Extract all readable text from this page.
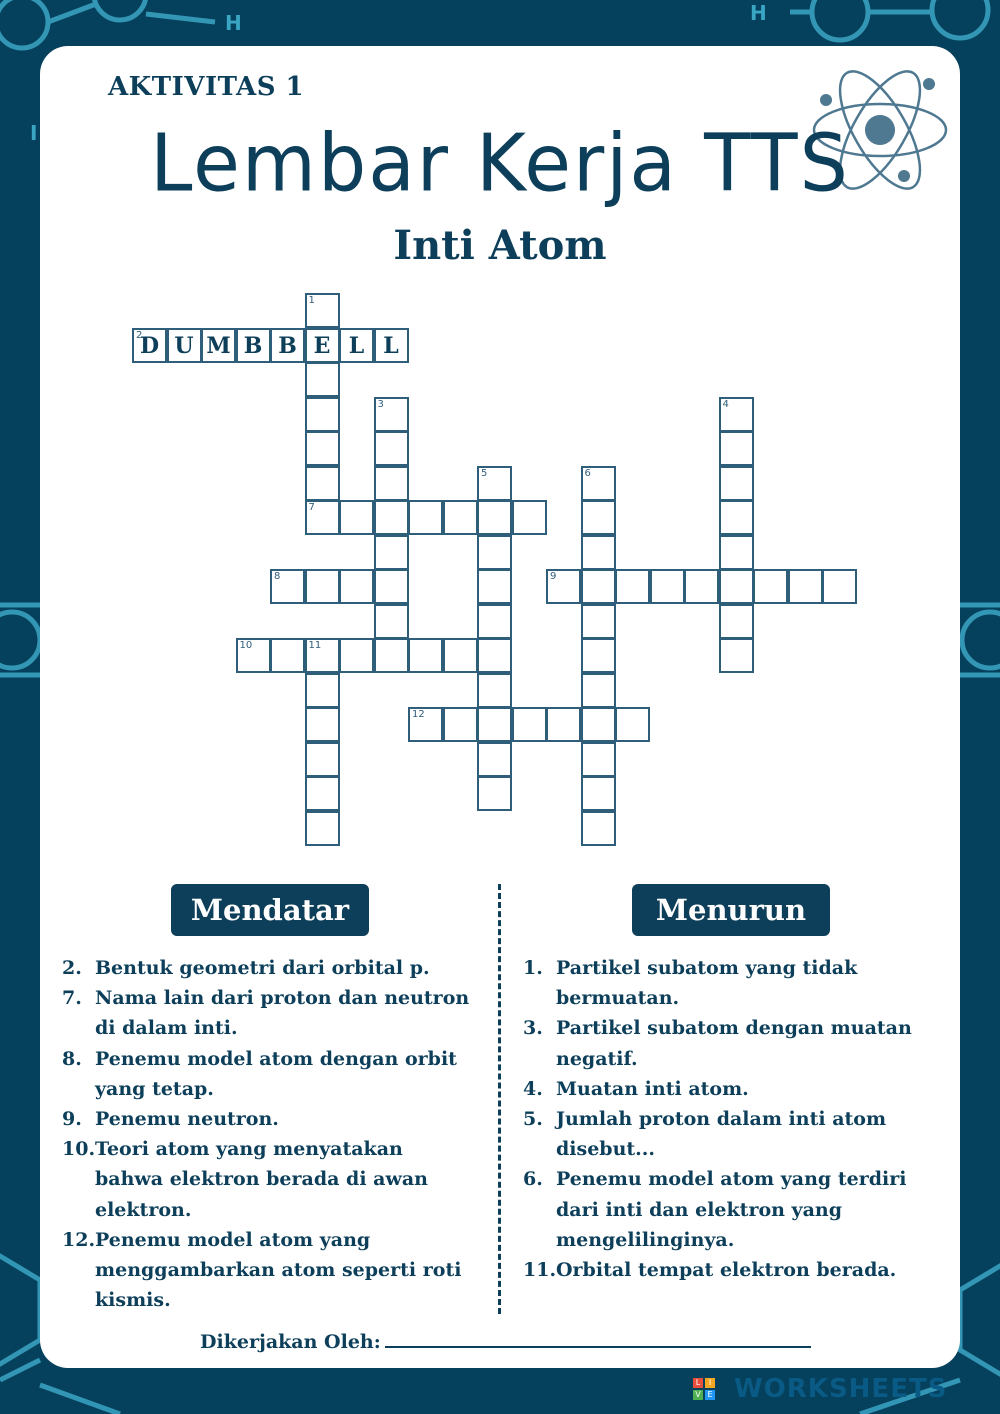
H	H
I
AKTIVITAS 1
Lembar Kerja TTS
Inti Atom
2
D U M B B E L L
1
7
3	4
5	6
8	9
10	11
12
Mendatar	Menurun
2. Bentuk geometri dari orbital p.
7. Nama lain dari proton dan neutron di dalam inti.
8. Penemu model atom dengan orbit yang tetap.
9. Penemu neutron.
10. Teori atom yang menyatakan bahwa elektron berada di awan elektron.
12. Penemu model atom yang menggambarkan atom seperti roti kismis.
1. Partikel subatom yang tidak bermuatan.
3. Partikel subatom dengan muatan negatif.
4. Muatan inti atom.
5. Jumlah proton dalam inti atom disebut...
6. Penemu model atom yang terdiri dari inti dan elektron yang mengelilinginya.
11. Orbital tempat elektron berada.
Dikerjakan Oleh:
L	I
V E WORKSHEETS
